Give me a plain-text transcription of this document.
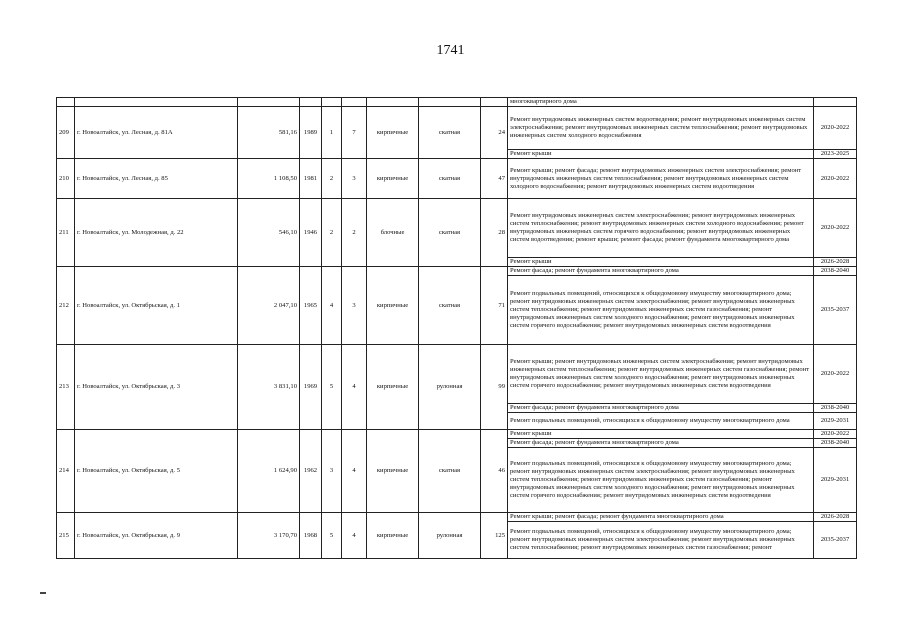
1741
									многоквартирного дома	
209	г. Новоалтайск, ул. Лесная, д. 81А	581,16	1989	1	7	кирпичные	скатная	24	Ремонт внутридомовых инженерных систем водоотведения; ремонт внутридомовых инженерных систем электроснабжения; ремонт внутридомовых инженерных систем теплоснабжения; ремонт внутридомовых инженерных систем холодного водоснабжения	2020-2022
									Ремонт крыши	2023-2025
210	г. Новоалтайск, ул. Лесная, д. 85	1 108,50	1981	2	3	кирпичные	скатная	47	Ремонт крыши; ремонт фасада; ремонт внутридомовых инженерных систем электроснабжения; ремонт внутридомовых инженерных систем теплоснабжения; ремонт внутридомовых инженерных систем холодного водоснабжения; ремонт внутридомовых инженерных систем водоотведения	2020-2022
211	г. Новоалтайск, ул. Молодежная, д. 22	546,10	1946	2	2	блочные	скатная	28	Ремонт внутридомовых инженерных систем электроснабжения; ремонт внутридомовых инженерных систем теплоснабжения; ремонт внутридомовых инженерных систем холодного водоснабжения; ремонт внутридомовых инженерных систем горячего водоснабжения; ремонт внутридомовых инженерных систем водоотведения; ремонт крыши; ремонт фасада; ремонт фундамента многоквартирного дома	2020-2022
									Ремонт крыши	2026-2028
212	г. Новоалтайск, ул. Октябрьская, д. 1	2 047,10	1965	4	3	кирпичные	скатная	71	Ремонт фасада; ремонт фундамента многоквартирного дома	2038-2040
									Ремонт подвальных помещений, относящихся к общедомовому имуществу многоквартирного дома; ремонт внутридомовых инженерных систем электроснабжения; ремонт внутридомовых инженерных систем теплоснабжения; ремонт внутридомовых инженерных систем газоснабжения; ремонт внутридомовых инженерных систем холодного водоснабжения; ремонт внутридомовых инженерных систем горячего водоснабжения; ремонт внутридомовых инженерных систем водоотведения	2035-2037
213	г. Новоалтайск, ул. Октябрьская, д. 3	3 831,10	1969	5	4	кирпичные	рулонная	99	Ремонт крыши; ремонт внутридомовых инженерных систем электроснабжения; ремонт внутридомовых инженерных систем теплоснабжения; ремонт внутридомовых инженерных систем газоснабжения; ремонт внутридомовых инженерных систем холодного водоснабжения; ремонт внутридомовых инженерных систем горячего водоснабжения; ремонт внутридомовых инженерных систем водоотведения	2020-2022
									Ремонт фасада; ремонт фундамента многоквартирного дома	2038-2040
									Ремонт подвальных помещений, относящихся к общедомовому имуществу многоквартирного дома	2029-2031
214	г. Новоалтайск, ул. Октябрьская, д. 5	1 624,90	1962	3	4	кирпичные	скатная	46	Ремонт крыши	2020-2022
									Ремонт фасада; ремонт фундамента многоквартирного дома	2038-2040
									Ремонт подвальных помещений, относящихся к общедомовому имуществу многоквартирного дома; ремонт внутридомовых инженерных систем электроснабжения; ремонт внутридомовых инженерных систем теплоснабжения; ремонт внутридомовых инженерных систем газоснабжения; ремонт внутридомовых инженерных систем холодного водоснабжения; ремонт внутридомовых инженерных систем горячего водоснабжения; ремонт внутридомовых инженерных систем водоотведения	2029-2031
215	г. Новоалтайск, ул. Октябрьская, д. 9	3 170,70	1968	5	4	кирпичные	рулонная	125	Ремонт крыши; ремонт фасада; ремонт фундамента многоквартирного дома	2026-2028
									Ремонт подвальных помещений, относящихся к общедомовому имуществу многоквартирного дома; ремонт внутридомовых инженерных систем электроснабжения; ремонт внутридомовых инженерных систем теплоснабжения; ремонт внутридомовых инженерных систем газоснабжения; ремонт	2035-2037
